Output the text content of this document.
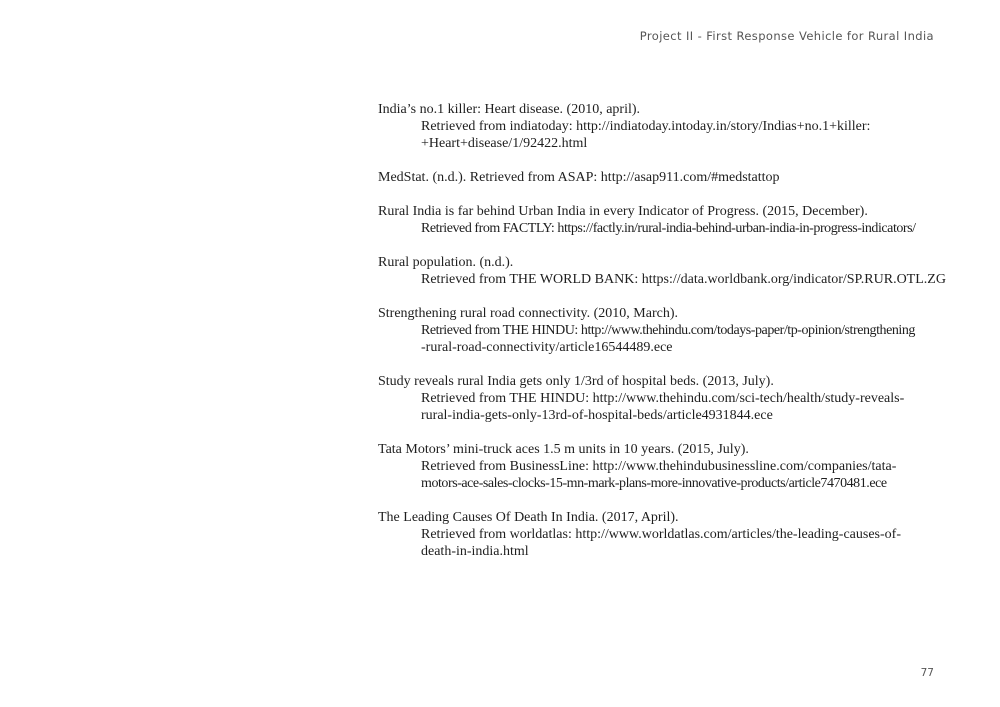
Project II - First Response Vehicle for Rural India
India’s no.1 killer: Heart disease. (2010, april).
Retrieved from indiatoday: http://indiatoday.intoday.in/story/Indias+no.1+killer:
+Heart+disease/1/92422.html
MedStat. (n.d.). Retrieved from ASAP: http://asap911.com/#medstattop
Rural India is far behind Urban India in every Indicator of Progress. (2015, December).
Retrieved from FACTLY: https://factly.in/rural-india-behind-urban-india-in-progress-indicators/
Rural population. (n.d.).
Retrieved from THE WORLD BANK: https://data.worldbank.org/indicator/SP.RUR.OTL.ZG
Strengthening rural road connectivity. (2010, March).
Retrieved from THE HINDU: http://www.thehindu.com/todays-paper/tp-opinion/strengthening
-rural-road-connectivity/article16544489.ece
Study reveals rural India gets only 1/3rd of hospital beds. (2013, July).
Retrieved from THE HINDU: http://www.thehindu.com/sci-tech/health/study-reveals-
rural-india-gets-only-13rd-of-hospital-beds/article4931844.ece
Tata Motors’ mini-truck aces 1.5 m units in 10 years. (2015, July).
Retrieved from BusinessLine: http://www.thehindubusinessline.com/companies/tata-
motors-ace-sales-clocks-15-mn-mark-plans-more-innovative-products/article7470481.ece
The Leading Causes Of Death In India. (2017, April).
Retrieved from worldatlas: http://www.worldatlas.com/articles/the-leading-causes-of-
death-in-india.html
77
